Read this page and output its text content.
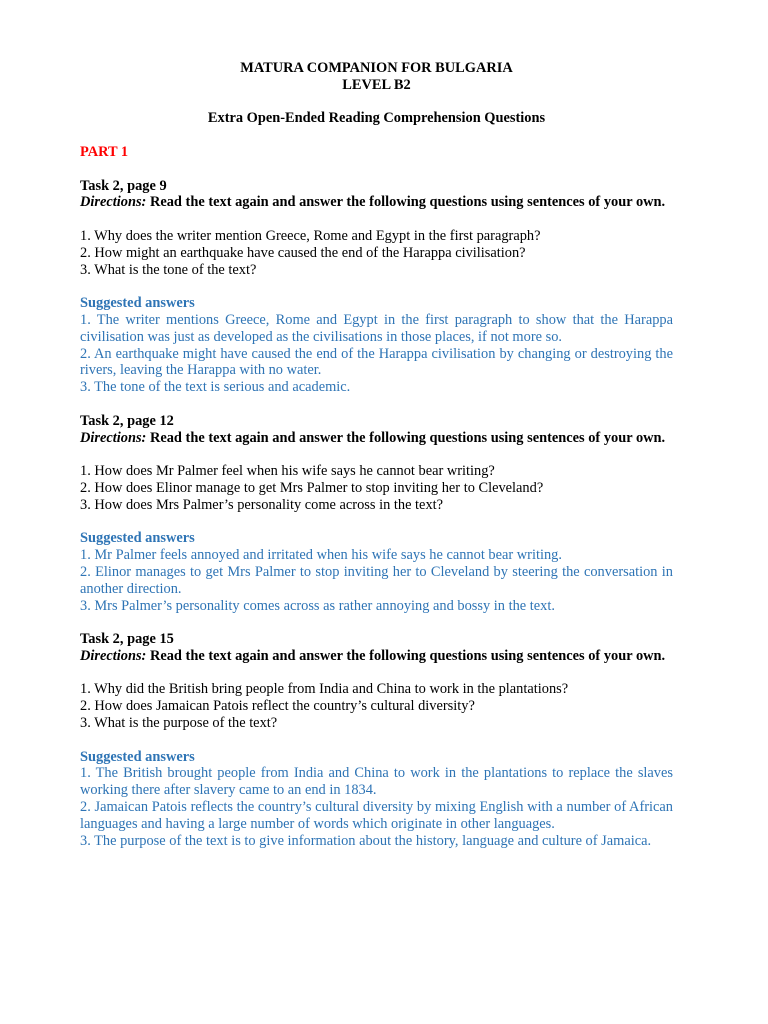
MATURA COMPANION FOR BULGARIA

LEVEL B2

Extra Open-Ended Reading Comprehension Questions

PART 1

Task 2, page 9

Directions: Read the text again and answer the following questions using sentences of your own.

1. Why does the writer mention Greece, Rome and Egypt in the first paragraph?

2. How might an earthquake have caused the end of the Harappa civilisation?

3. What is the tone of the text?

Suggested answers

1. The writer mentions Greece, Rome and Egypt in the first paragraph to show that the Harappa civilisation was just as developed as the civilisations in those places, if not more so.

2. An earthquake might have caused the end of the Harappa civilisation by changing or destroying the rivers, leaving the Harappa with no water.

3. The tone of the text is serious and academic.

Task 2, page 12

Directions: Read the text again and answer the following questions using sentences of your own.

1. How does Mr Palmer feel when his wife says he cannot bear writing?

2. How does Elinor manage to get Mrs Palmer to stop inviting her to Cleveland?

3. How does Mrs Palmer’s personality come across in the text?

Suggested answers

1. Mr Palmer feels annoyed and irritated when his wife says he cannot bear writing.

2. Elinor manages to get Mrs Palmer to stop inviting her to Cleveland by steering the conversation in another direction.

3. Mrs Palmer’s personality comes across as rather annoying and bossy in the text.

Task 2, page 15

Directions: Read the text again and answer the following questions using sentences of your own.

1. Why did the British bring people from India and China to work in the plantations?

2. How does Jamaican Patois reflect the country’s cultural diversity?

3. What is the purpose of the text?

Suggested answers

1. The British brought people from India and China to work in the plantations to replace the slaves working there after slavery came to an end in 1834.

2. Jamaican Patois reflects the country’s cultural diversity by mixing English with a number of African languages and having a large number of words which originate in other languages.

3. The purpose of the text is to give information about the history, language and culture of Jamaica.
